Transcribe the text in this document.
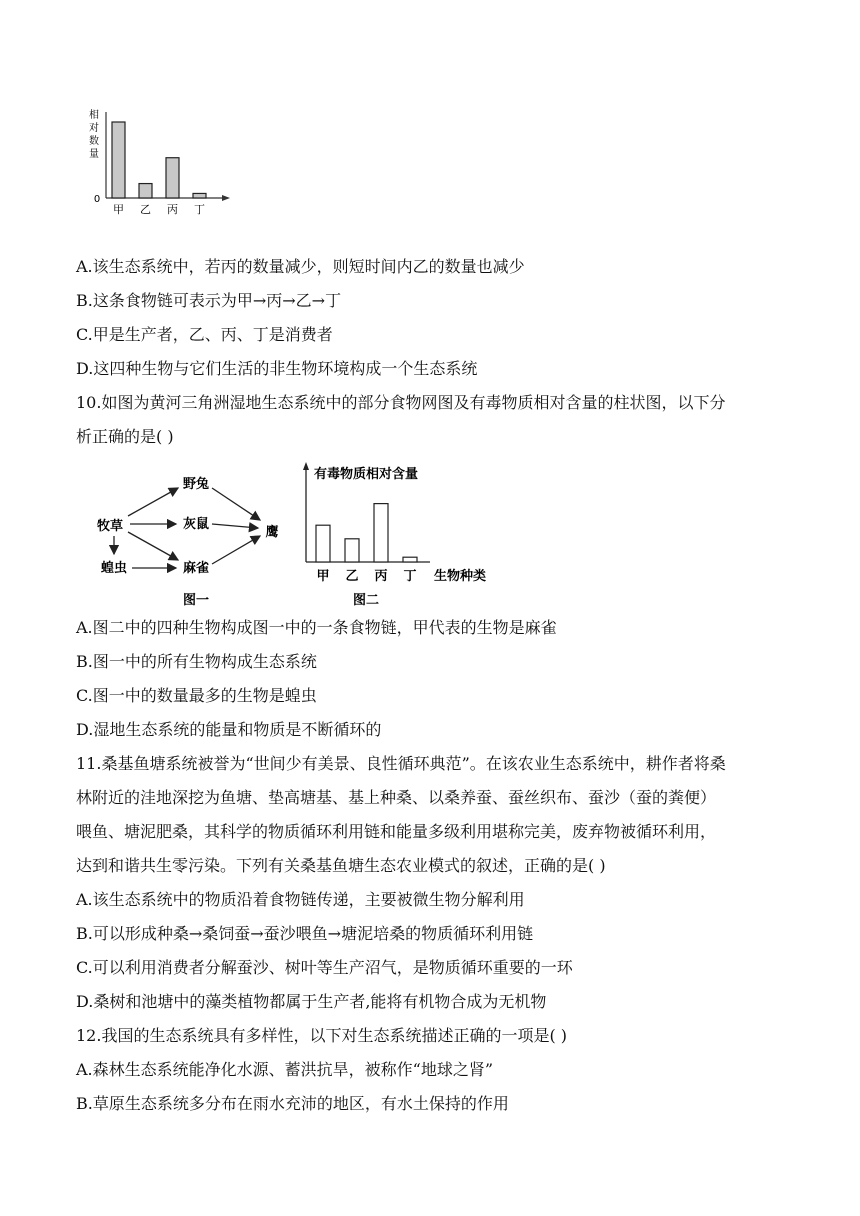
相
对
数
量
0
甲 乙 丙 丁
A.该生态系统中，若丙的数量减少，则短时间内乙的数量也减少
B.这条食物链可表示为甲→丙→乙→丁
C.甲是生产者，乙、丙、丁是消费者
D.这四种生物与它们生活的非生物环境构成一个生态系统
10.如图为黄河三角洲湿地生态系统中的部分食物网图及有毒物质相对含量的柱状图，以下分
析正确的是( )
牧草
野兔
灰鼠
麻雀
蝗虫
鹰
图一
有毒物质相对含量
甲 乙 丙 丁 生物种类
图二
A.图二中的四种生物构成图一中的一条食物链，甲代表的生物是麻雀
B.图一中的所有生物构成生态系统
C.图一中的数量最多的生物是蝗虫
D.湿地生态系统的能量和物质是不断循环的
11.桑基鱼塘系统被誉为“世间少有美景、良性循环典范”。在该农业生态系统中，耕作者将桑
林附近的洼地深挖为鱼塘、垫高塘基、基上种桑、以桑养蚕、蚕丝织布、蚕沙（蚕的粪便）
喂鱼、塘泥肥桑，其科学的物质循环利用链和能量多级利用堪称完美，废弃物被循环利用，
达到和谐共生零污染。下列有关桑基鱼塘生态农业模式的叙述，正确的是( )
A.该生态系统中的物质沿着食物链传递，主要被微生物分解利用
B.可以形成种桑→桑饲蚕→蚕沙喂鱼→塘泥培桑的物质循环利用链
C.可以利用消费者分解蚕沙、树叶等生产沼气，是物质循环重要的一环
D.桑树和池塘中的藻类植物都属于生产者,能将有机物合成为无机物
12.我国的生态系统具有多样性，以下对生态系统描述正确的一项是( )
A.森林生态系统能净化水源、蓄洪抗旱，被称作“地球之肾”
B.草原生态系统多分布在雨水充沛的地区，有水土保持的作用
